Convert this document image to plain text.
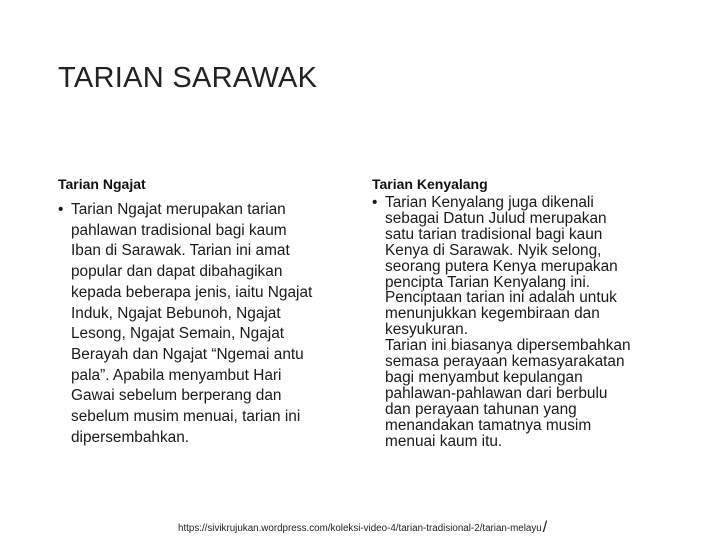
TARIAN SARAWAK
Tarian Ngajat	Tarian Kenyalang
• Tarian Ngajat merupakan tarian
pahlawan tradisional bagi kaum
Iban di Sarawak. Tarian ini amat
popular dan dapat dibahagikan
kepada beberapa jenis, iaitu Ngajat
Induk, Ngajat Bebunoh, Ngajat
Lesong, Ngajat Semain, Ngajat
Berayah dan Ngajat “Ngemai antu
pala”. Apabila menyambut Hari
Gawai sebelum berperang dan
sebelum musim menuai, tarian ini
dipersembahkan.
• Tarian Kenyalang juga dikenali
sebagai Datun Julud merupakan
satu tarian tradisional bagi kaun
Kenya di Sarawak. Nyik selong,
seorang putera Kenya merupakan
pencipta Tarian Kenyalang ini.
Penciptaan tarian ini adalah untuk
menunjukkan kegembiraan dan
kesyukuran.
Tarian ini biasanya dipersembahkan
semasa perayaan kemasyarakatan
bagi menyambut kepulangan
pahlawan-pahlawan dari berbulu
dan perayaan tahunan yang
menandakan tamatnya musim
menuai kaum itu.
https://sivikrujukan.wordpress.com/koleksi-video-4/tarian-tradisional-2/tarian-melayu/
